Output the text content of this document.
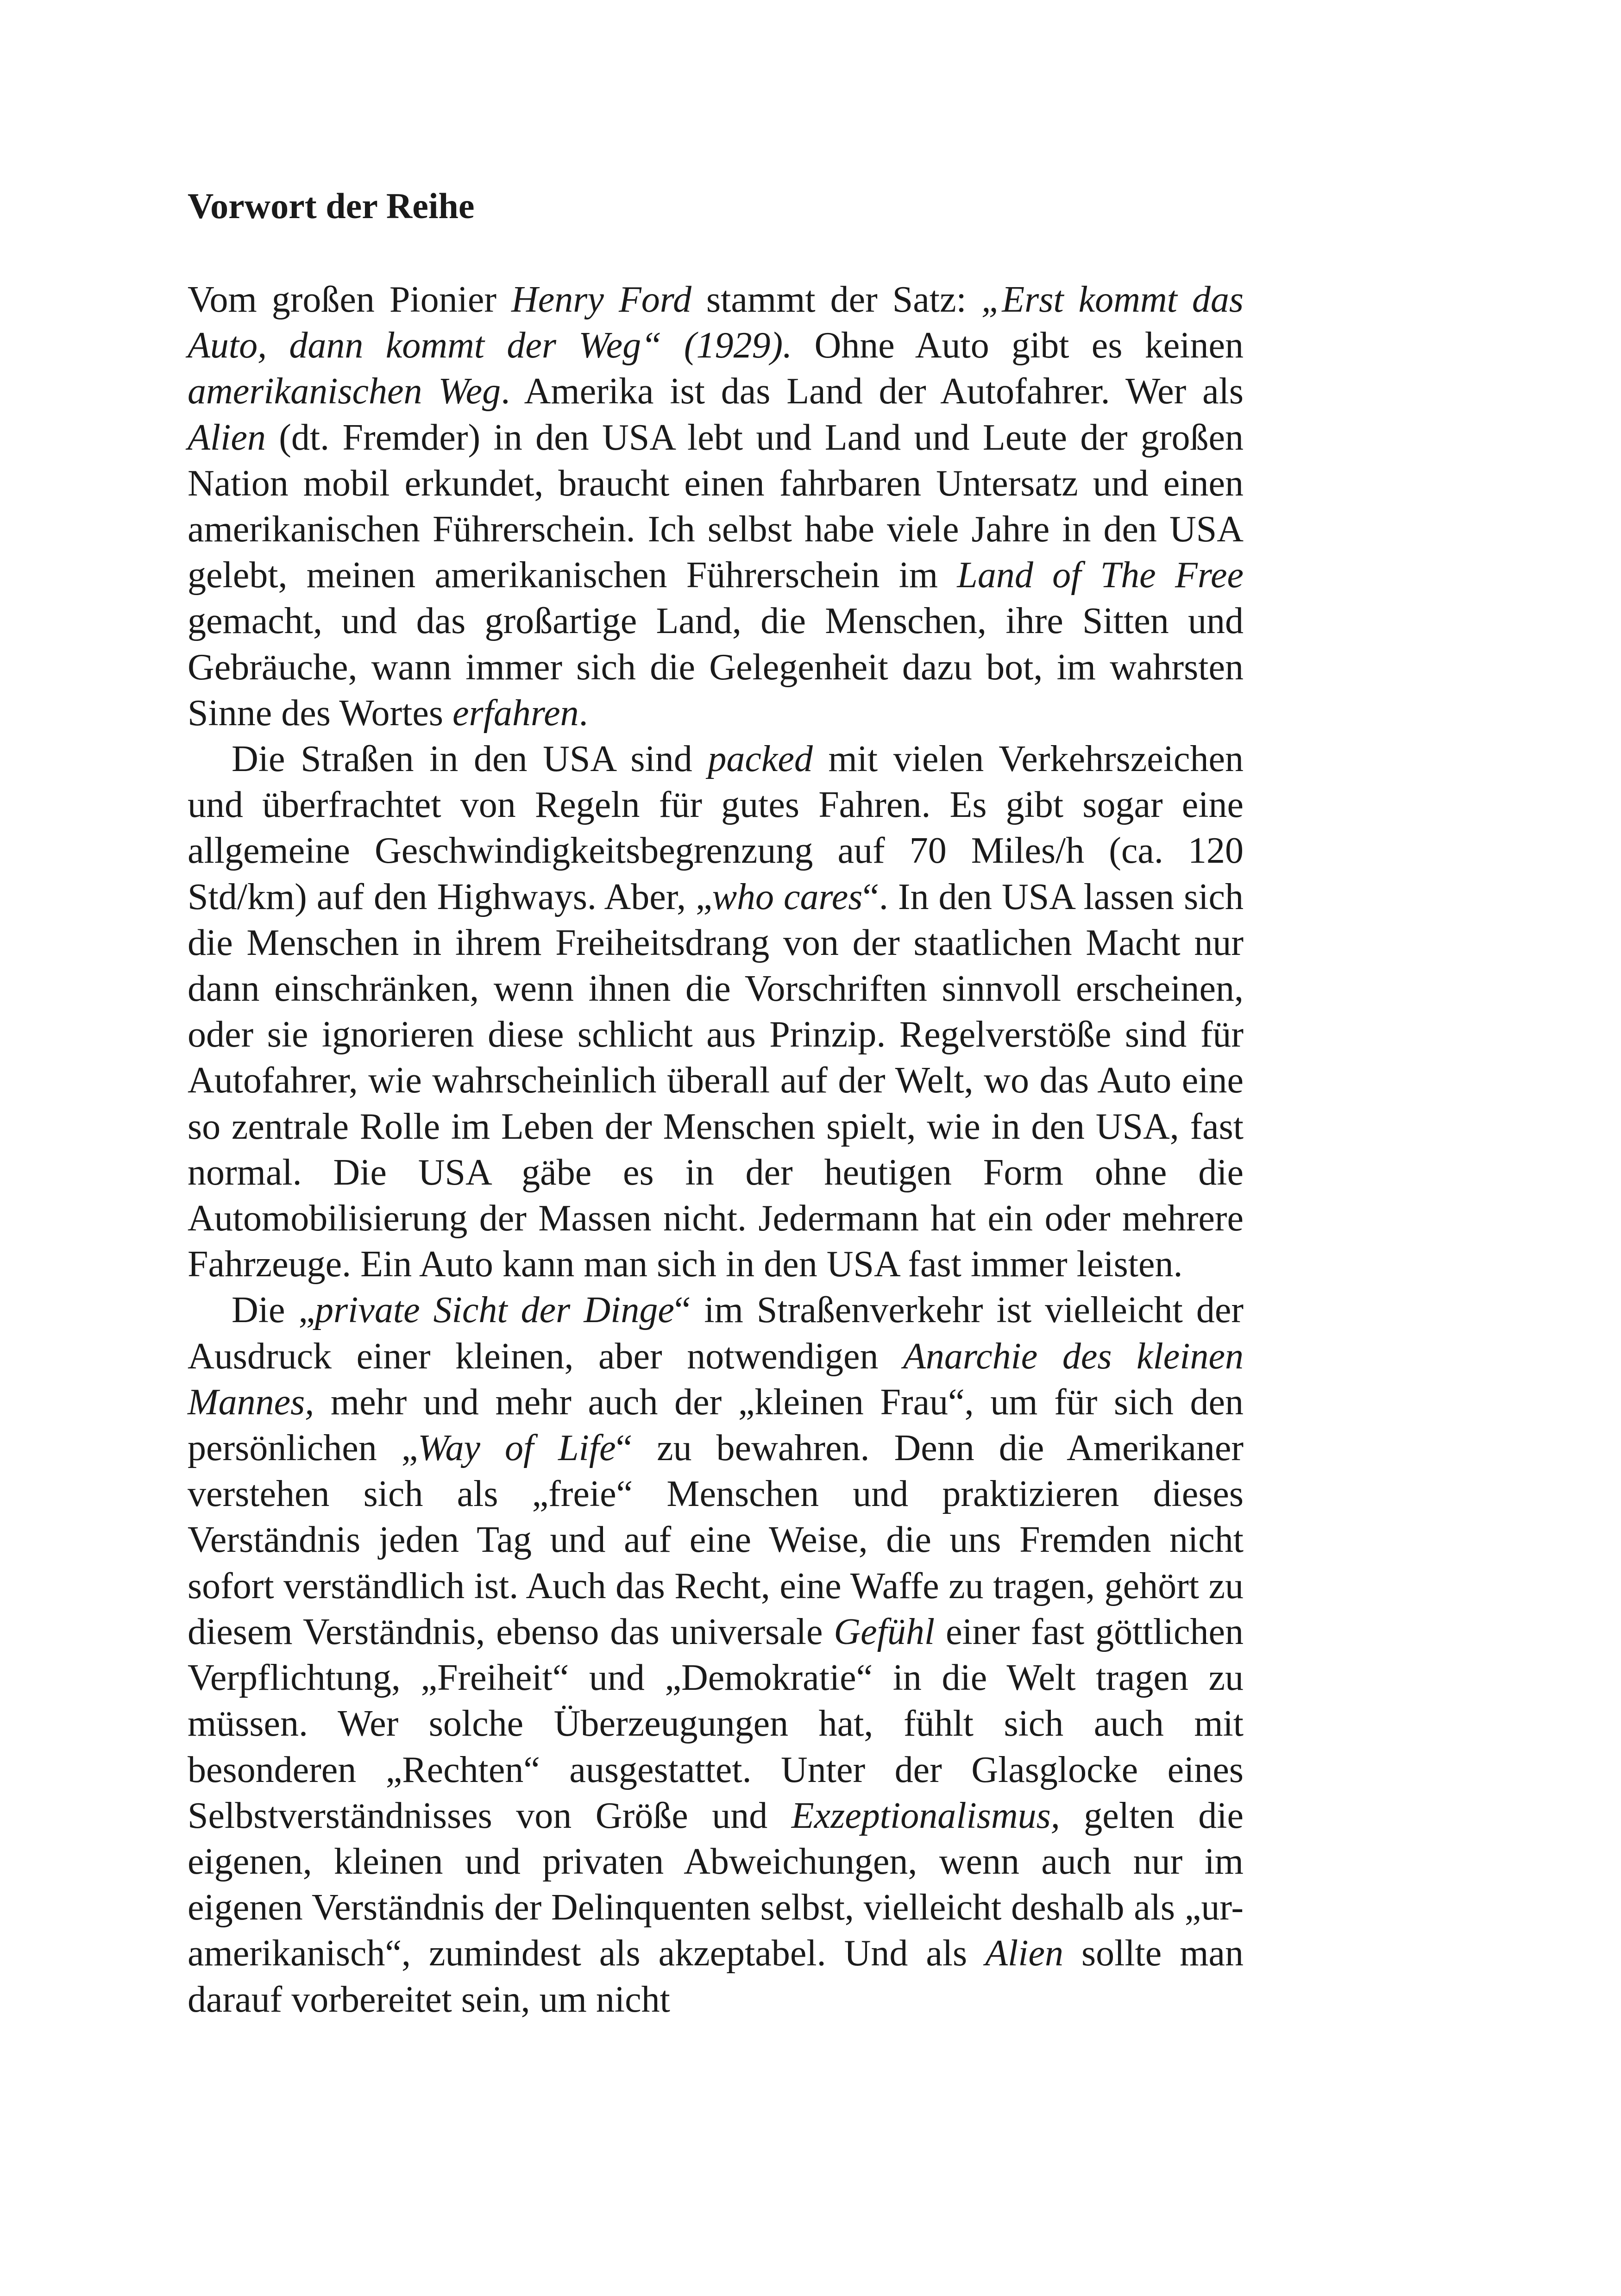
Vorwort der Reihe

Vom großen Pionier Henry Ford stammt der Satz: „Erst kommt das Auto, dann kommt der Weg“ (1929). Ohne Auto gibt es keinen amerikanischen Weg. Amerika ist das Land der Autofahrer. Wer als Alien (dt. Fremder) in den USA lebt und Land und Leute der großen Nation mobil erkundet, braucht einen fahrbaren Untersatz und einen amerikanischen Führerschein. Ich selbst habe viele Jahre in den USA gelebt, meinen amerikanischen Führerschein im Land of The Free gemacht, und das großartige Land, die Menschen, ihre Sitten und Gebräuche, wann immer sich die Gelegenheit dazu bot, im wahrsten Sinne des Wortes erfahren.

Die Straßen in den USA sind packed mit vielen Verkehrszeichen und überfrachtet von Regeln für gutes Fahren. Es gibt sogar eine allgemeine Geschwindigkeitsbegrenzung auf 70 Miles/h (ca. 120 Std/km) auf den Highways. Aber, „who cares“. In den USA lassen sich die Menschen in ihrem Freiheitsdrang von der staatlichen Macht nur dann einschränken, wenn ihnen die Vorschriften sinnvoll erscheinen, oder sie ignorieren diese schlicht aus Prinzip. Regelverstöße sind für Autofahrer, wie wahrscheinlich überall auf der Welt, wo das Auto eine so zentrale Rolle im Leben der Menschen spielt, wie in den USA, fast normal. Die USA gäbe es in der heutigen Form ohne die Automobilisierung der Massen nicht. Jedermann hat ein oder mehrere Fahrzeuge. Ein Auto kann man sich in den USA fast immer leisten.

Die „private Sicht der Dinge“ im Straßenverkehr ist vielleicht der Ausdruck einer kleinen, aber notwendigen Anarchie des kleinen Mannes, mehr und mehr auch der „kleinen Frau“, um für sich den persönlichen „Way of Life“ zu bewahren. Denn die Amerikaner verstehen sich als „freie“ Menschen und praktizieren dieses Verständnis jeden Tag und auf eine Weise, die uns Fremden nicht sofort verständlich ist. Auch das Recht, eine Waffe zu tragen, gehört zu diesem Verständnis, ebenso das universale Gefühl einer fast göttlichen Verpflichtung, „Freiheit“ und „Demokratie“ in die Welt tragen zu müssen. Wer solche Überzeugungen hat, fühlt sich auch mit besonderen „Rechten“ ausgestattet. Unter der Glasglocke eines Selbstverständnisses von Größe und Exzeptionalismus, gelten die eigenen, kleinen und privaten Abweichungen, wenn auch nur im eigenen Verständnis der Delinquenten selbst, vielleicht deshalb als „ur-amerikanisch“, zumindest als akzeptabel. Und als Alien sollte man darauf vorbereitet sein, um nicht
